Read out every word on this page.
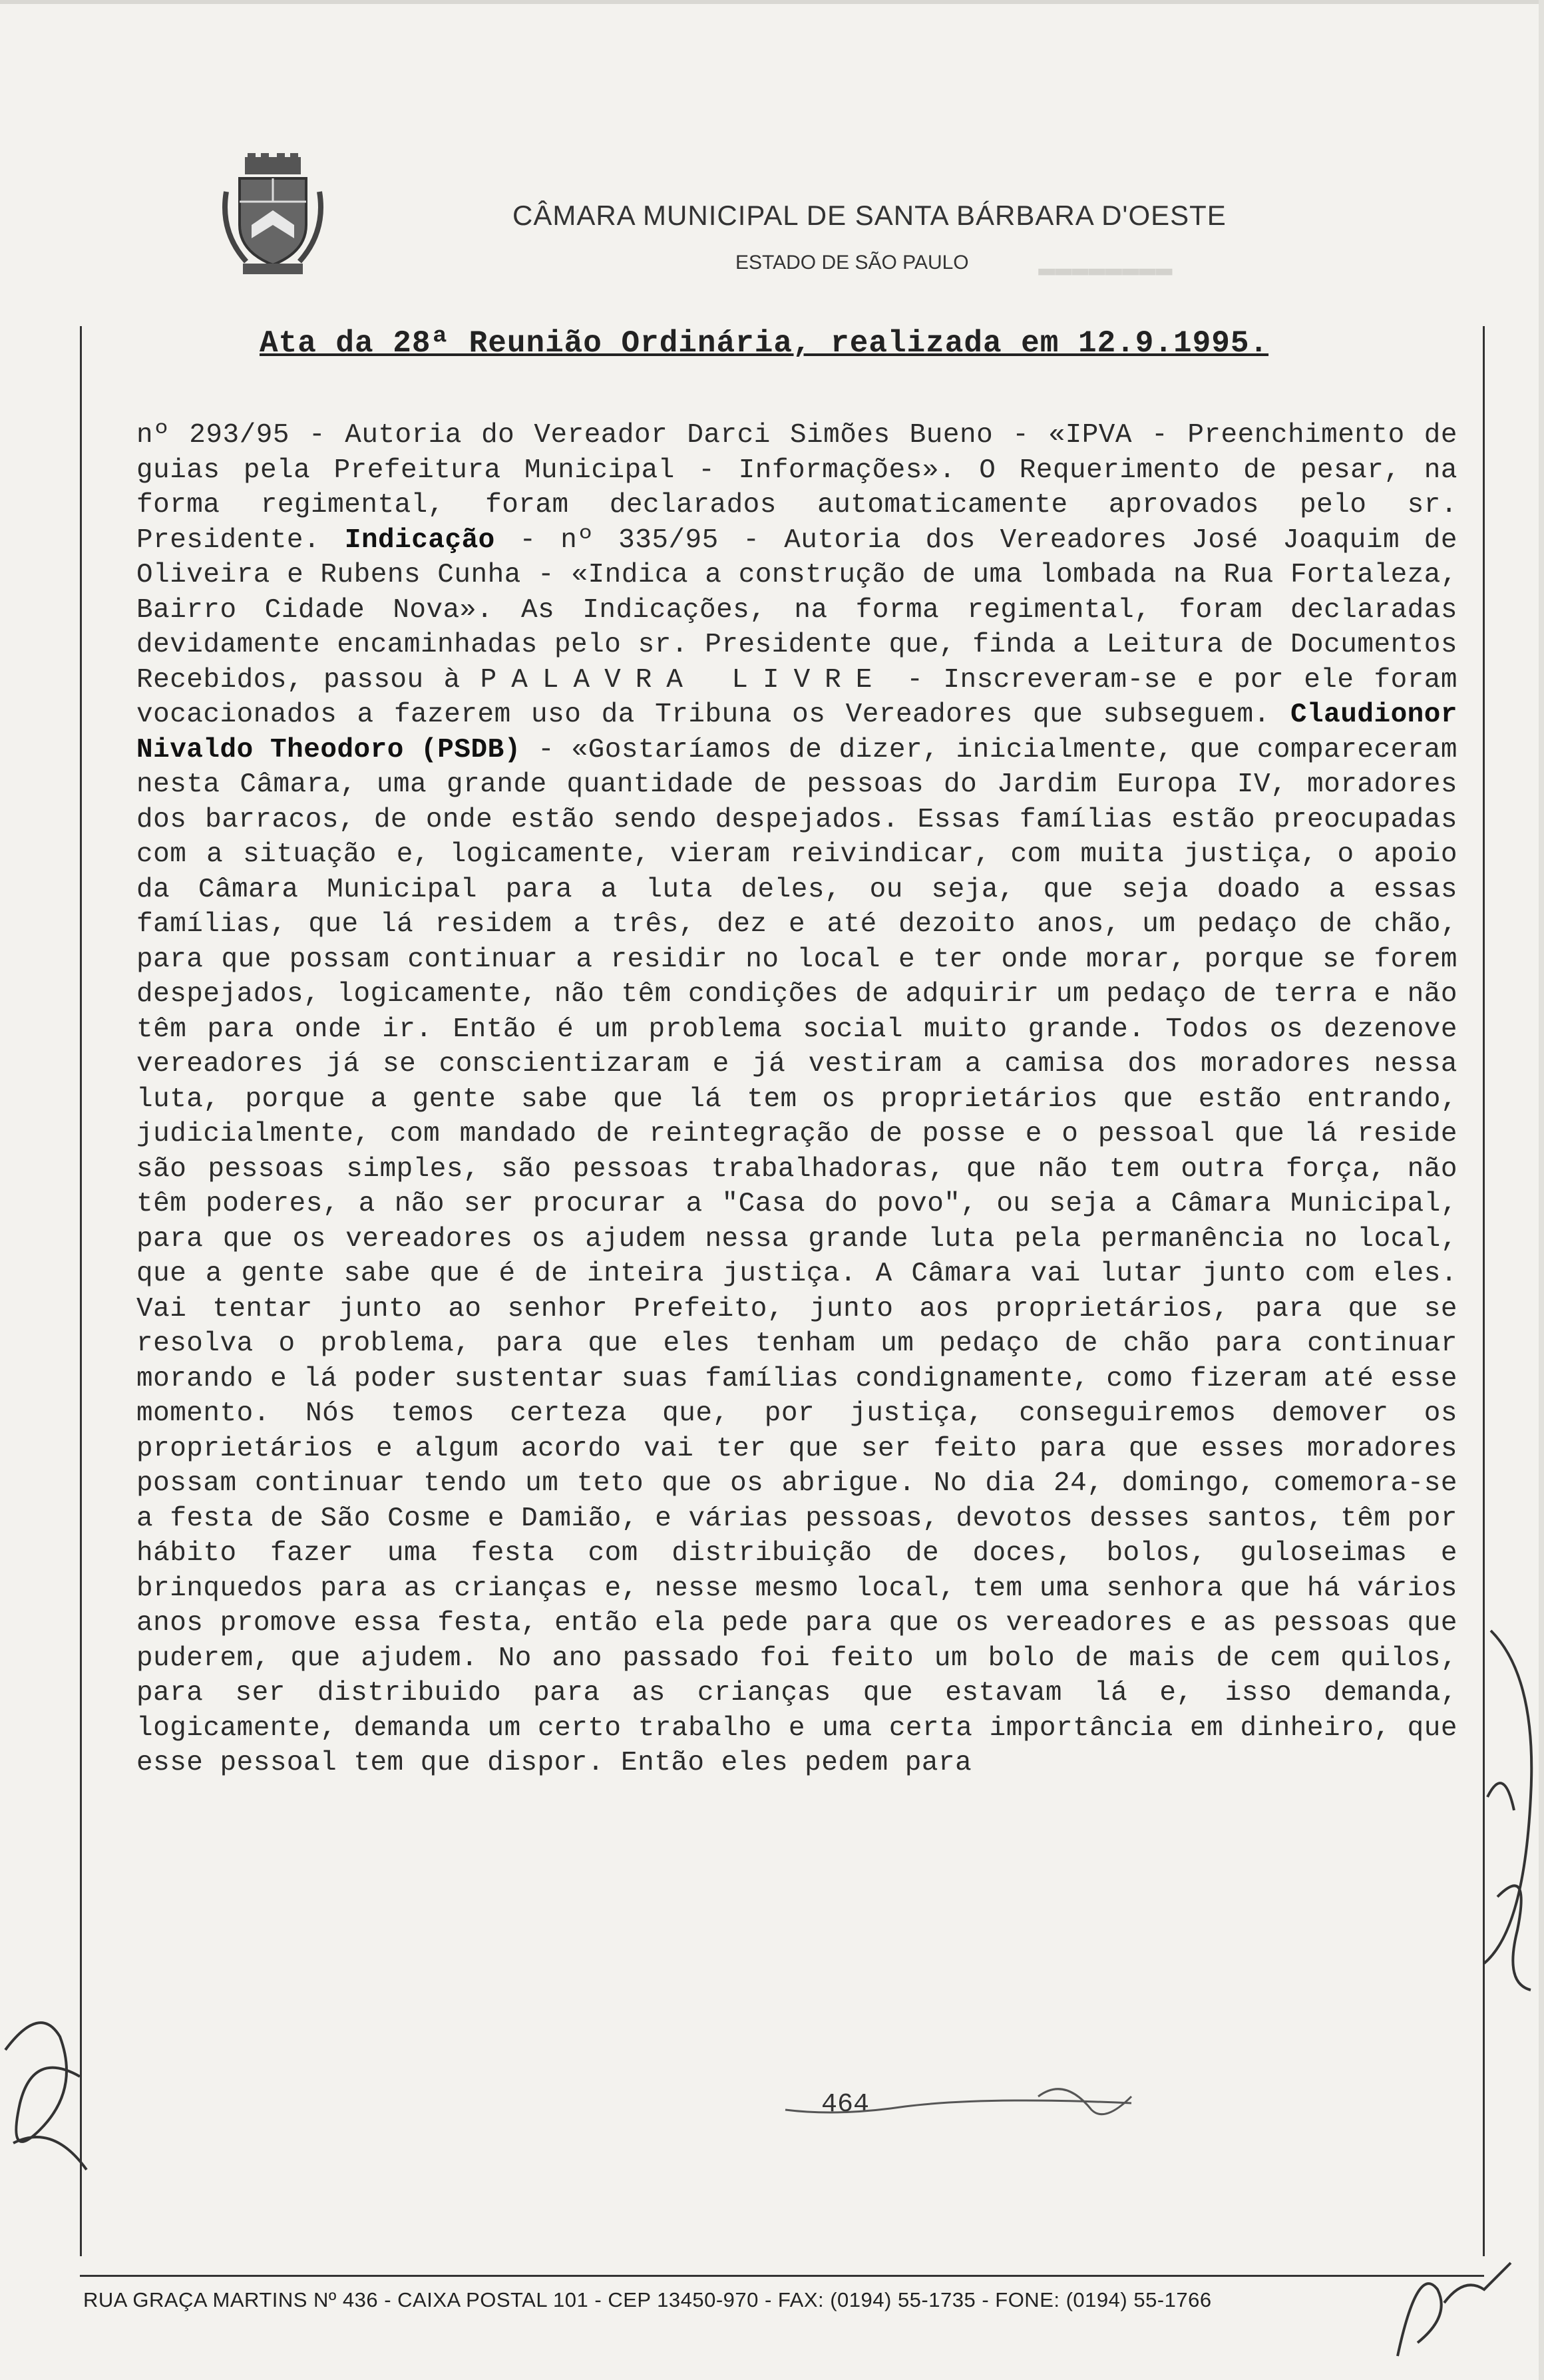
▬▬▬▬▬▬▬▬
CÂMARA MUNICIPAL DE SANTA BÁRBARA D'OESTE
ESTADO DE SÃO PAULO
Ata da 28ª Reunião Ordinária, realizada em 12.9.1995.
nº 293/95 - Autoria do Vereador Darci Simões Bueno - «IPVA - Preenchimento de guias pela Prefeitura Municipal - Informações». O Requerimento de pesar, na forma regimental, foram declarados automaticamente aprovados pelo sr. Presidente. Indicação - nº 335/95 - Autoria dos Vereadores José Joaquim de Oliveira e Rubens Cunha - «Indica a construção de uma lombada na Rua Fortaleza, Bairro Cidade Nova». As Indicações, na forma regimental, foram declaradas devidamente encaminhadas pelo sr. Presidente que, finda a Leitura de Documentos Recebidos, passou à PALAVRA LIVRE - Inscreveram-se e por ele foram vocacionados a fazerem uso da Tribuna os Vereadores que subseguem. Claudionor Nivaldo Theodoro (PSDB) - «Gostaríamos de dizer, inicialmente, que compareceram nesta Câmara, uma grande quantidade de pessoas do Jardim Europa IV, moradores dos barracos, de onde estão sendo despejados. Essas famílias estão preocupadas com a situação e, logicamente, vieram reivindicar, com muita justiça, o apoio da Câmara Municipal para a luta deles, ou seja, que seja doado a essas famílias, que lá residem a três, dez e até dezoito anos, um pedaço de chão, para que possam continuar a residir no local e ter onde morar, porque se forem despejados, logicamente, não têm condições de adquirir um pedaço de terra e não têm para onde ir. Então é um problema social muito grande. Todos os dezenove vereadores já se conscientizaram e já vestiram a camisa dos moradores nessa luta, porque a gente sabe que lá tem os proprietários que estão entrando, judicialmente, com mandado de reintegração de posse e o pessoal que lá reside são pessoas simples, são pessoas trabalhadoras, que não tem outra força, não têm poderes, a não ser procurar a "Casa do povo", ou seja a Câmara Municipal, para que os vereadores os ajudem nessa grande luta pela permanência no local, que a gente sabe que é de inteira justiça. A Câmara vai lutar junto com eles. Vai tentar junto ao senhor Prefeito, junto aos proprietários, para que se resolva o problema, para que eles tenham um pedaço de chão para continuar morando e lá poder sustentar suas famílias condignamente, como fizeram até esse momento. Nós temos certeza que, por justiça, conseguiremos demover os proprietários e algum acordo vai ter que ser feito para que esses moradores possam continuar tendo um teto que os abrigue. No dia 24, domingo, comemora-se a festa de São Cosme e Damião, e várias pessoas, devotos desses santos, têm por hábito fazer uma festa com distribuição de doces, bolos, guloseimas e brinquedos para as crianças e, nesse mesmo local, tem uma senhora que há vários anos promove essa festa, então ela pede para que os vereadores e as pessoas que puderem, que ajudem. No ano passado foi feito um bolo de mais de cem quilos, para ser distribuido para as crianças que estavam lá e, isso demanda, logicamente, demanda um certo trabalho e uma certa importância em dinheiro, que esse pessoal tem que dispor. Então eles pedem para
464
RUA GRAÇA MARTINS Nº 436 - CAIXA POSTAL 101 - CEP 13450-970 - FAX: (0194) 55-1735 - FONE: (0194) 55-1766
